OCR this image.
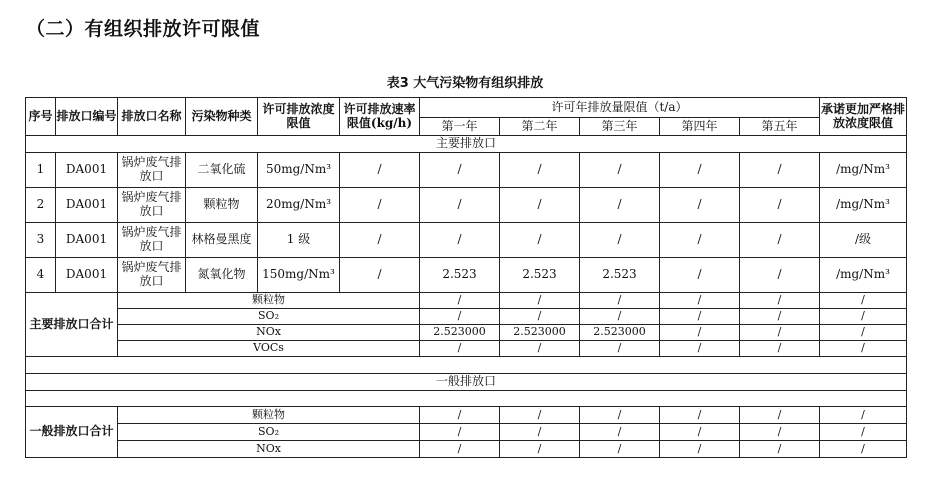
（二）有组织排放许可限值
表3 大气污染物有组织排放
序号	排放口编号	排放口名称	污染物种类	许可排放浓度限值	许可排放速率限值(kg/h)	许可年排放量限值（t/a）					承诺更加严格排放浓度限值
						第一年	第二年	第三年	第四年	第五年	
主要排放口											
1	DA001	锅炉废气排放口	二氧化硫	50mg/Nm³	/	/	/	/	/	/	/mg/Nm³
2	DA001	锅炉废气排放口	颗粒物	20mg/Nm³	/	/	/	/	/	/	/mg/Nm³
3	DA001	锅炉废气排放口	林格曼黑度	1 级	/	/	/	/	/	/	/级
4	DA001	锅炉废气排放口	氮氧化物	150mg/Nm³	/	2.523	2.523	2.523	/	/	/mg/Nm³
主要排放口合计		颗粒物				/	/	/	/	/	/
		SO₂				/	/	/	/	/	/
		NOx				2.523000	2.523000	2.523000	/	/	/
		VOCs				/	/	/	/	/	/

一般排放口											

一般排放口合计		颗粒物				/	/	/	/	/	/
		SO₂				/	/	/	/	/	/
		NOx				/	/	/	/	/	/
